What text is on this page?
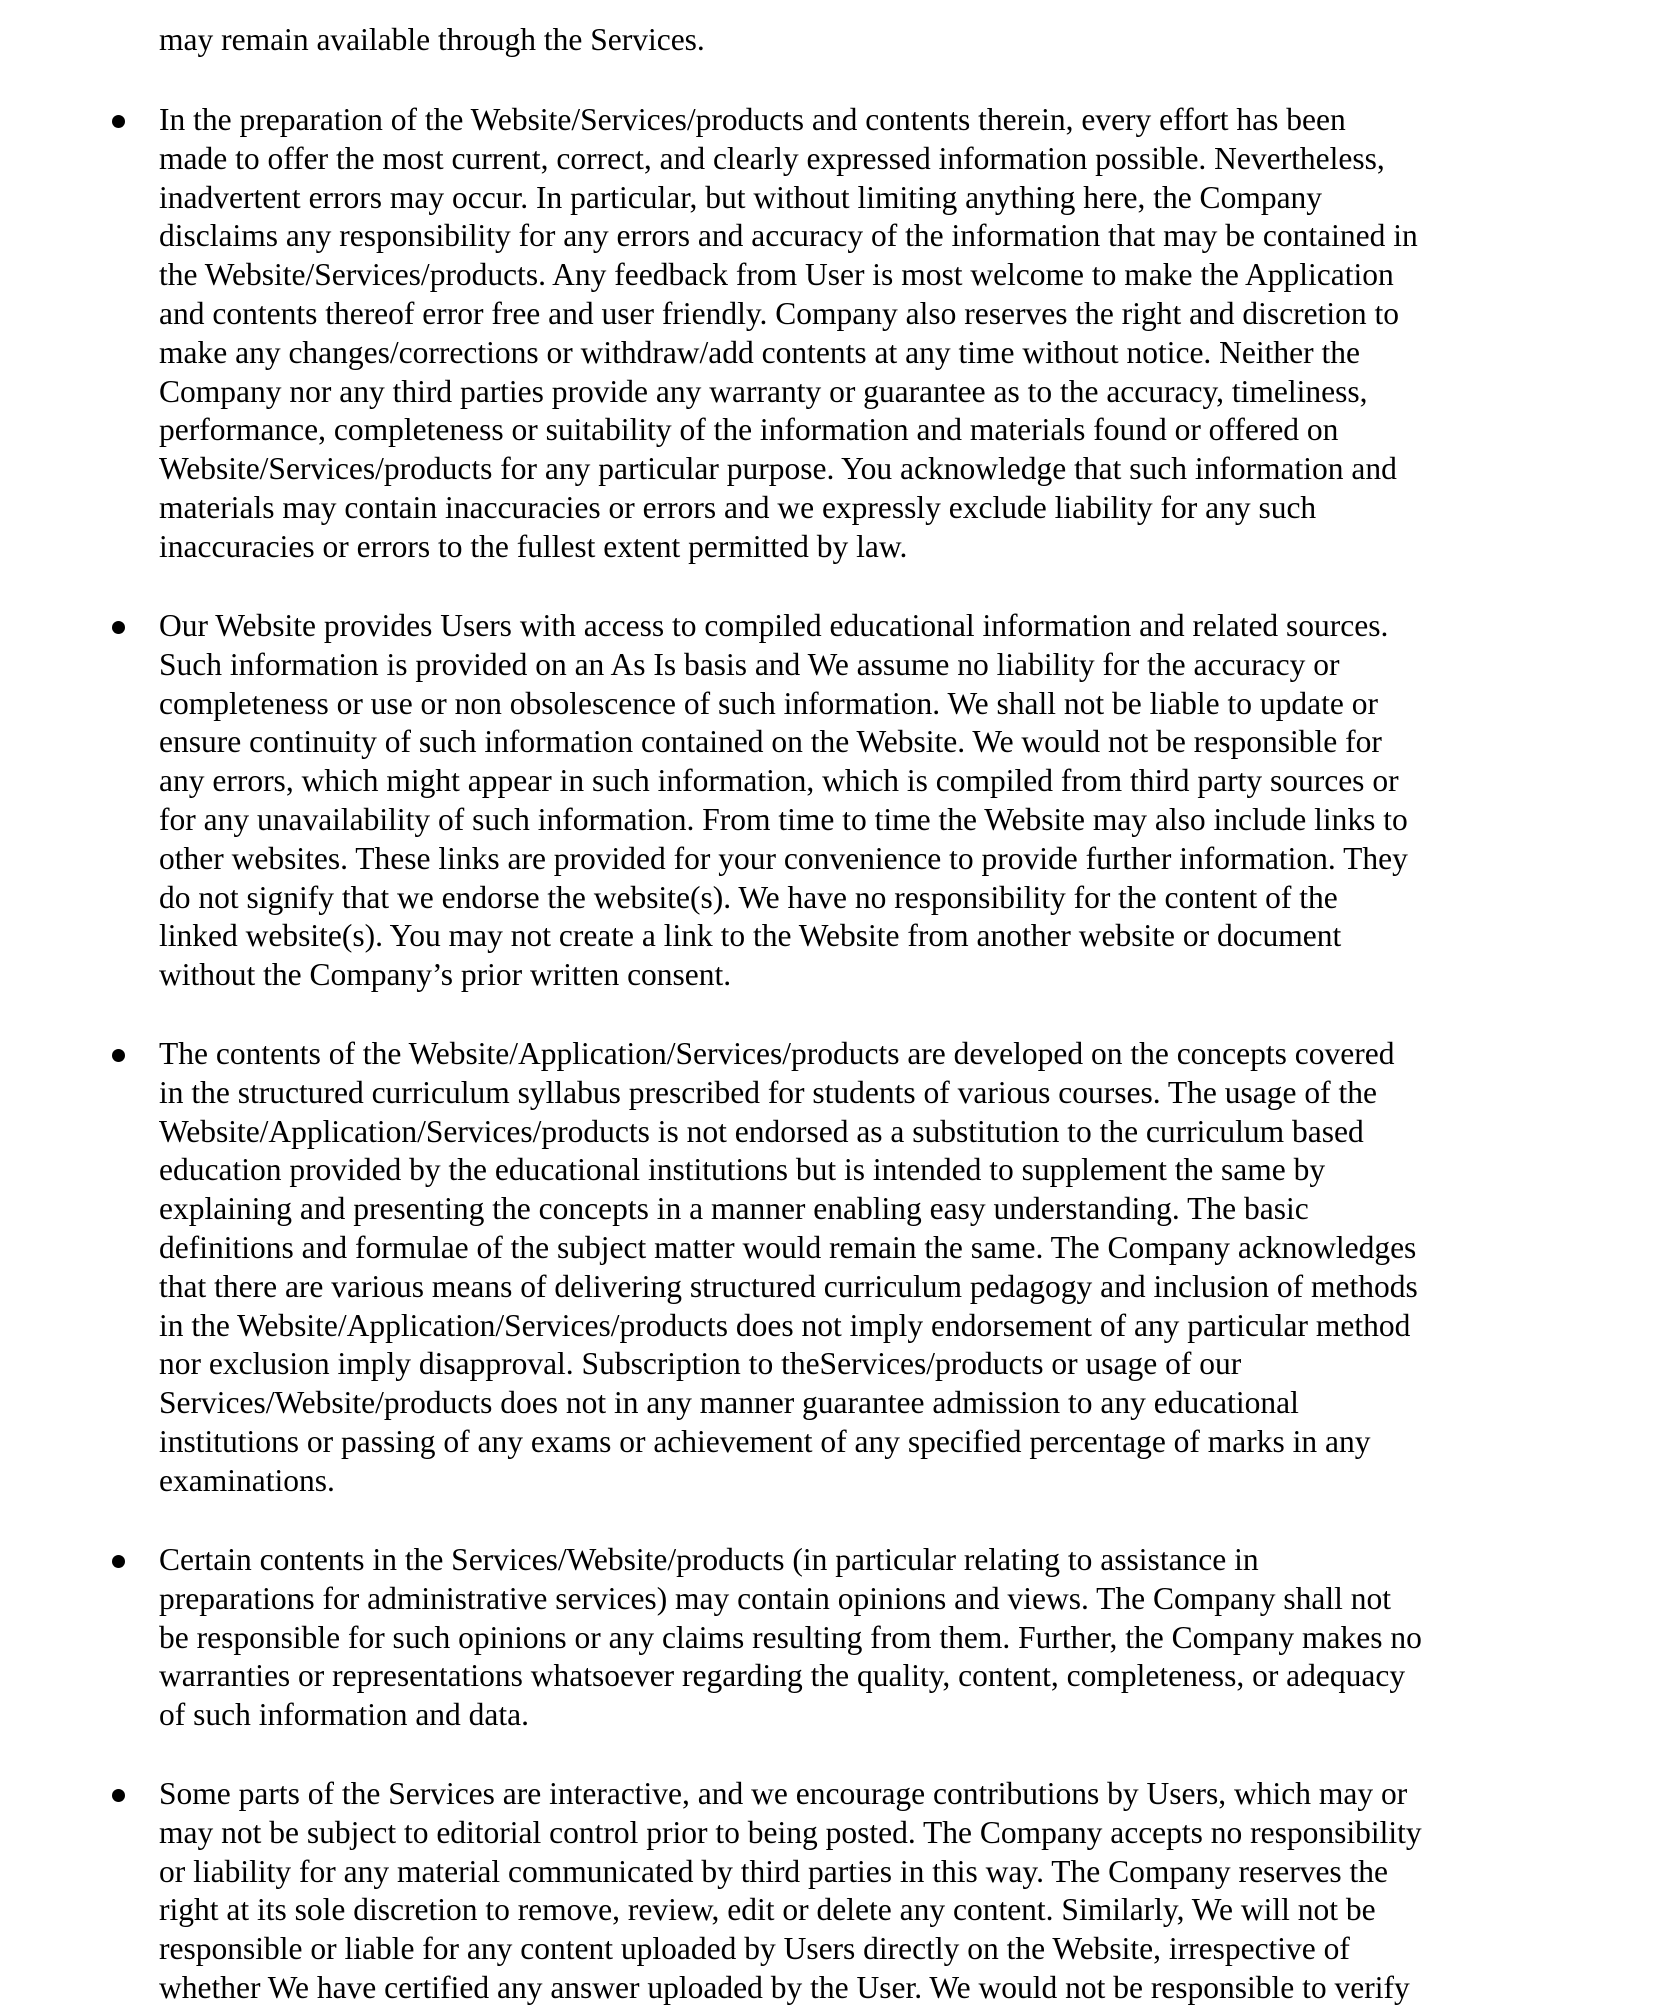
may remain available through the Services.
In the preparation of the Website/Services/products and contents therein, every effort has been
made to offer the most current, correct, and clearly expressed information possible. Nevertheless,
inadvertent errors may occur. In particular, but without limiting anything here, the Company
disclaims any responsibility for any errors and accuracy of the information that may be contained in
the Website/Services/products. Any feedback from User is most welcome to make the Application
and contents thereof error free and user friendly. Company also reserves the right and discretion to
make any changes/corrections or withdraw/add contents at any time without notice. Neither the
Company nor any third parties provide any warranty or guarantee as to the accuracy, timeliness,
performance, completeness or suitability of the information and materials found or offered on
Website/Services/products for any particular purpose. You acknowledge that such information and
materials may contain inaccuracies or errors and we expressly exclude liability for any such
inaccuracies or errors to the fullest extent permitted by law.
Our Website provides Users with access to compiled educational information and related sources.
Such information is provided on an As Is basis and We assume no liability for the accuracy or
completeness or use or non obsolescence of such information. We shall not be liable to update or
ensure continuity of such information contained on the Website. We would not be responsible for
any errors, which might appear in such information, which is compiled from third party sources or
for any unavailability of such information. From time to time the Website may also include links to
other websites. These links are provided for your convenience to provide further information. They
do not signify that we endorse the website(s). We have no responsibility for the content of the
linked website(s). You may not create a link to the Website from another website or document
without the Company’s prior written consent.
The contents of the Website/Application/Services/products are developed on the concepts covered
in the structured curriculum syllabus prescribed for students of various courses. The usage of the
Website/Application/Services/products is not endorsed as a substitution to the curriculum based
education provided by the educational institutions but is intended to supplement the same by
explaining and presenting the concepts in a manner enabling easy understanding. The basic
definitions and formulae of the subject matter would remain the same. The Company acknowledges
that there are various means of delivering structured curriculum pedagogy and inclusion of methods
in the Website/Application/Services/products does not imply endorsement of any particular method
nor exclusion imply disapproval. Subscription to theServices/products or usage of our
Services/Website/products does not in any manner guarantee admission to any educational
institutions or passing of any exams or achievement of any specified percentage of marks in any
examinations.
Certain contents in the Services/Website/products (in particular relating to assistance in
preparations for administrative services) may contain opinions and views. The Company shall not
be responsible for such opinions or any claims resulting from them. Further, the Company makes no
warranties or representations whatsoever regarding the quality, content, completeness, or adequacy
of such information and data.
Some parts of the Services are interactive, and we encourage contributions by Users, which may or
may not be subject to editorial control prior to being posted. The Company accepts no responsibility
or liability for any material communicated by third parties in this way. The Company reserves the
right at its sole discretion to remove, review, edit or delete any content. Similarly, We will not be
responsible or liable for any content uploaded by Users directly on the Website, irrespective of
whether We have certified any answer uploaded by the User. We would not be responsible to verify
